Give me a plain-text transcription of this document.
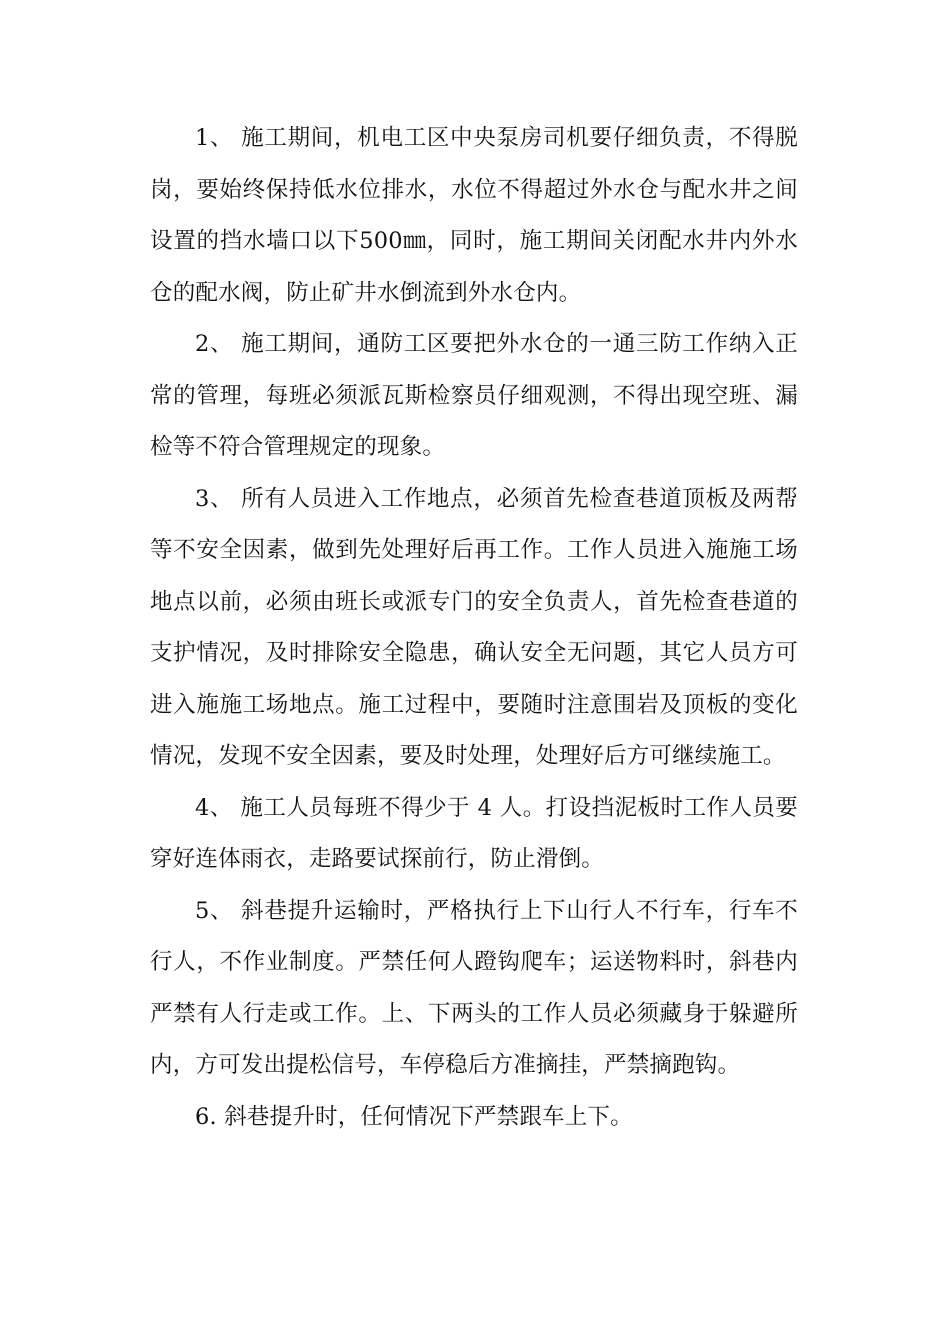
1、 施工期间，机电工区中央泵房司机要仔细负责，不得脱岗，要始终保持低水位排水，水位不得超过外水仓与配水井之间设置的挡水墙口以下500㎜，同时，施工期间关闭配水井内外水仓的配水阀，防止矿井水倒流到外水仓内。

2、 施工期间，通防工区要把外水仓的一通三防工作纳入正常的管理，每班必须派瓦斯检察员仔细观测，不得出现空班、漏检等不符合管理规定的现象。

3、 所有人员进入工作地点，必须首先检查巷道顶板及两帮等不安全因素，做到先处理好后再工作。工作人员进入施施工场地点以前，必须由班长或派专门的安全负责人，首先检查巷道的支护情况，及时排除安全隐患，确认安全无问题，其它人员方可进入施施工场地点。施工过程中，要随时注意围岩及顶板的变化情况，发现不安全因素，要及时处理，处理好后方可继续施工。

4、 施工人员每班不得少于 4 人。打设挡泥板时工作人员要穿好连体雨衣，走路要试探前行，防止滑倒。

5、 斜巷提升运输时，严格执行上下山行人不行车，行车不行人，不作业制度。严禁任何人蹬钩爬车；运送物料时，斜巷内严禁有人行走或工作。上、下两头的工作人员必须藏身于躲避所内，方可发出提松信号，车停稳后方准摘挂，严禁摘跑钩。

6. 斜巷提升时，任何情况下严禁跟车上下。
